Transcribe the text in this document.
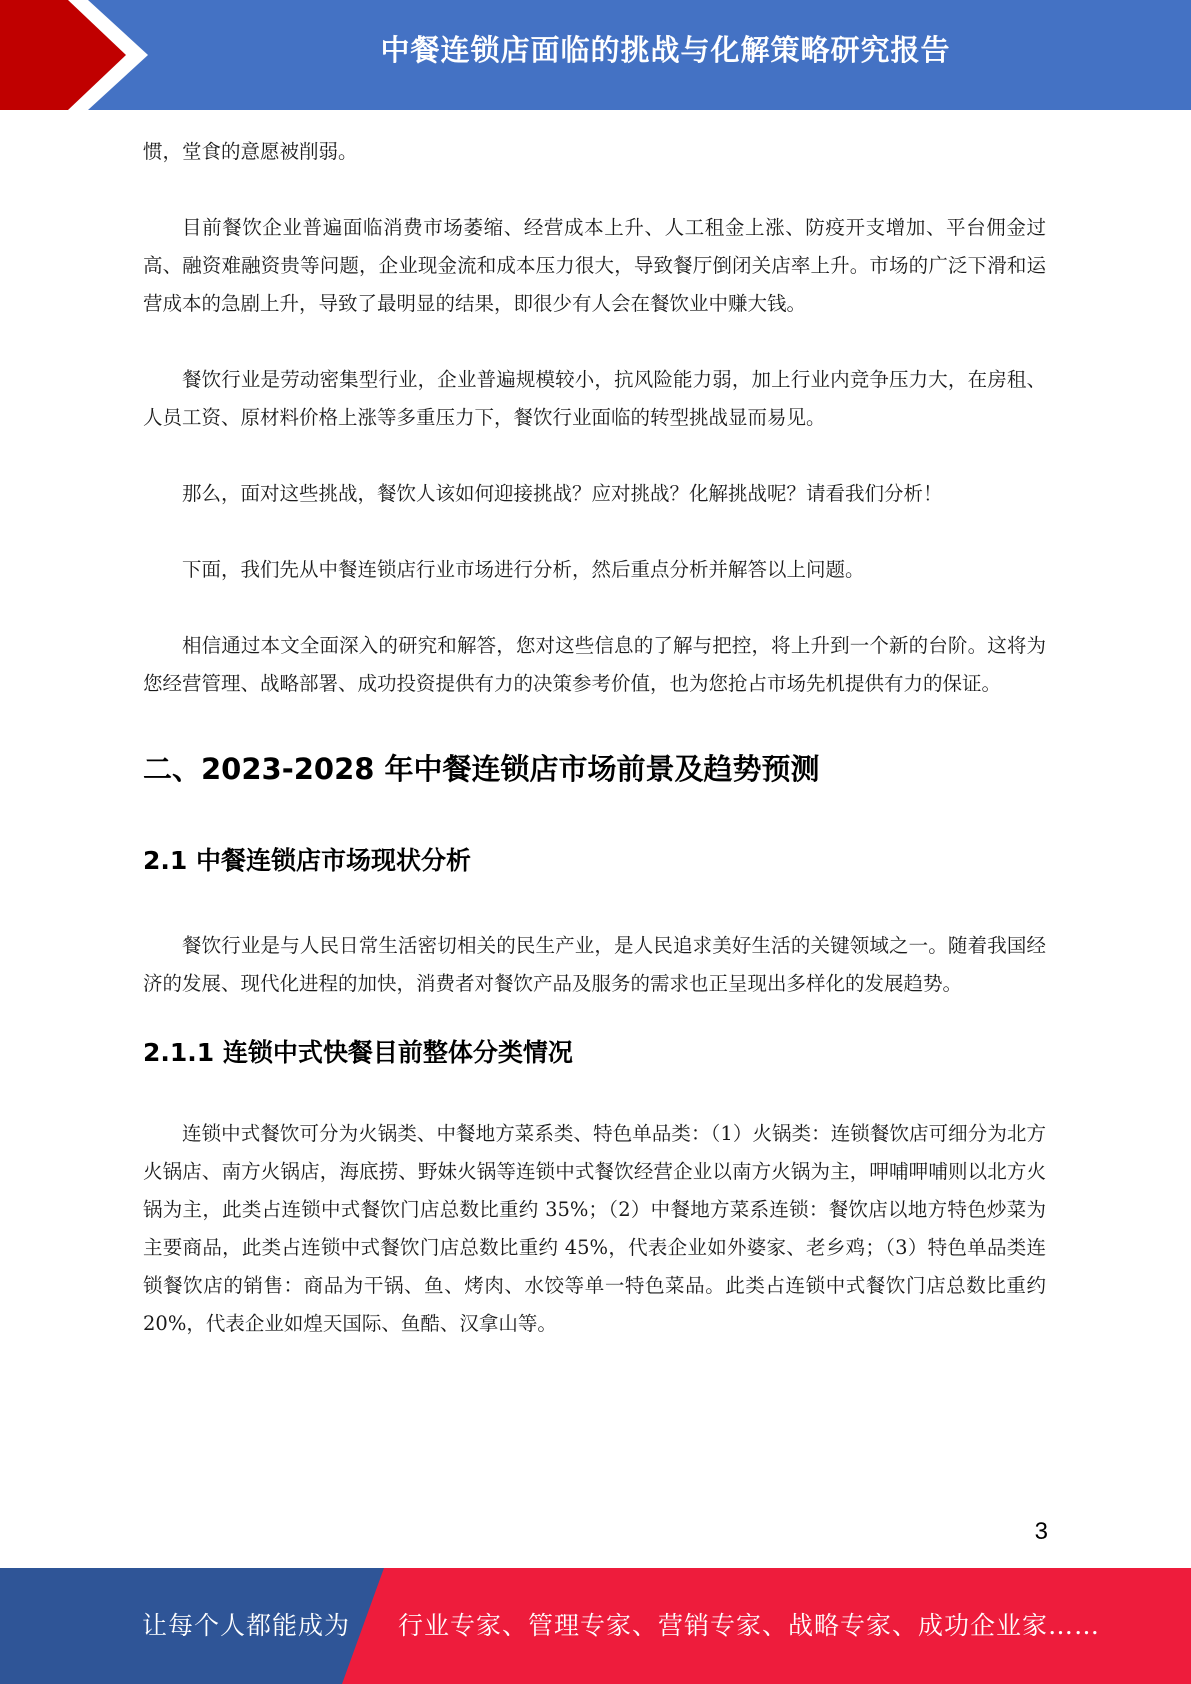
中餐连锁店面临的挑战与化解策略研究报告

惯，堂食的意愿被削弱。

目前餐饮企业普遍面临消费市场萎缩、经营成本上升、人工租金上涨、防疫开支增加、平台佣金过高、融资难融资贵等问题，企业现金流和成本压力很大，导致餐厅倒闭关店率上升。市场的广泛下滑和运营成本的急剧上升，导致了最明显的结果，即很少有人会在餐饮业中赚大钱。

餐饮行业是劳动密集型行业，企业普遍规模较小，抗风险能力弱，加上行业内竞争压力大，在房租、人员工资、原材料价格上涨等多重压力下，餐饮行业面临的转型挑战显而易见。

那么，面对这些挑战，餐饮人该如何迎接挑战？应对挑战？化解挑战呢？请看我们分析！

下面，我们先从中餐连锁店行业市场进行分析，然后重点分析并解答以上问题。

相信通过本文全面深入的研究和解答，您对这些信息的了解与把控，将上升到一个新的台阶。这将为您经营管理、战略部署、成功投资提供有力的决策参考价值，也为您抢占市场先机提供有力的保证。

二、2023-2028 年中餐连锁店市场前景及趋势预测
2.1 中餐连锁店市场现状分析

餐饮行业是与人民日常生活密切相关的民生产业，是人民追求美好生活的关键领域之一。随着我国经济的发展、现代化进程的加快，消费者对餐饮产品及服务的需求也正呈现出多样化的发展趋势。

2.1.1 连锁中式快餐目前整体分类情况

连锁中式餐饮可分为火锅类、中餐地方菜系类、特色单品类：（1）火锅类：连锁餐饮店可细分为北方火锅店、南方火锅店，海底捞、野妹火锅等连锁中式餐饮经营企业以南方火锅为主，呷哺呷哺则以北方火锅为主，此类占连锁中式餐饮门店总数比重约 35%；（2）中餐地方菜系连锁：餐饮店以地方特色炒菜为主要商品，此类占连锁中式餐饮门店总数比重约 45%，代表企业如外婆家、老乡鸡；（3）特色单品类连锁餐饮店的销售：商品为干锅、鱼、烤肉、水饺等单一特色菜品。此类占连锁中式餐饮门店总数比重约 20%，代表企业如煌天国际、鱼酷、汉拿山等。

3
让每个人都能成为 行业专家、管理专家、营销专家、战略专家、成功企业家……
